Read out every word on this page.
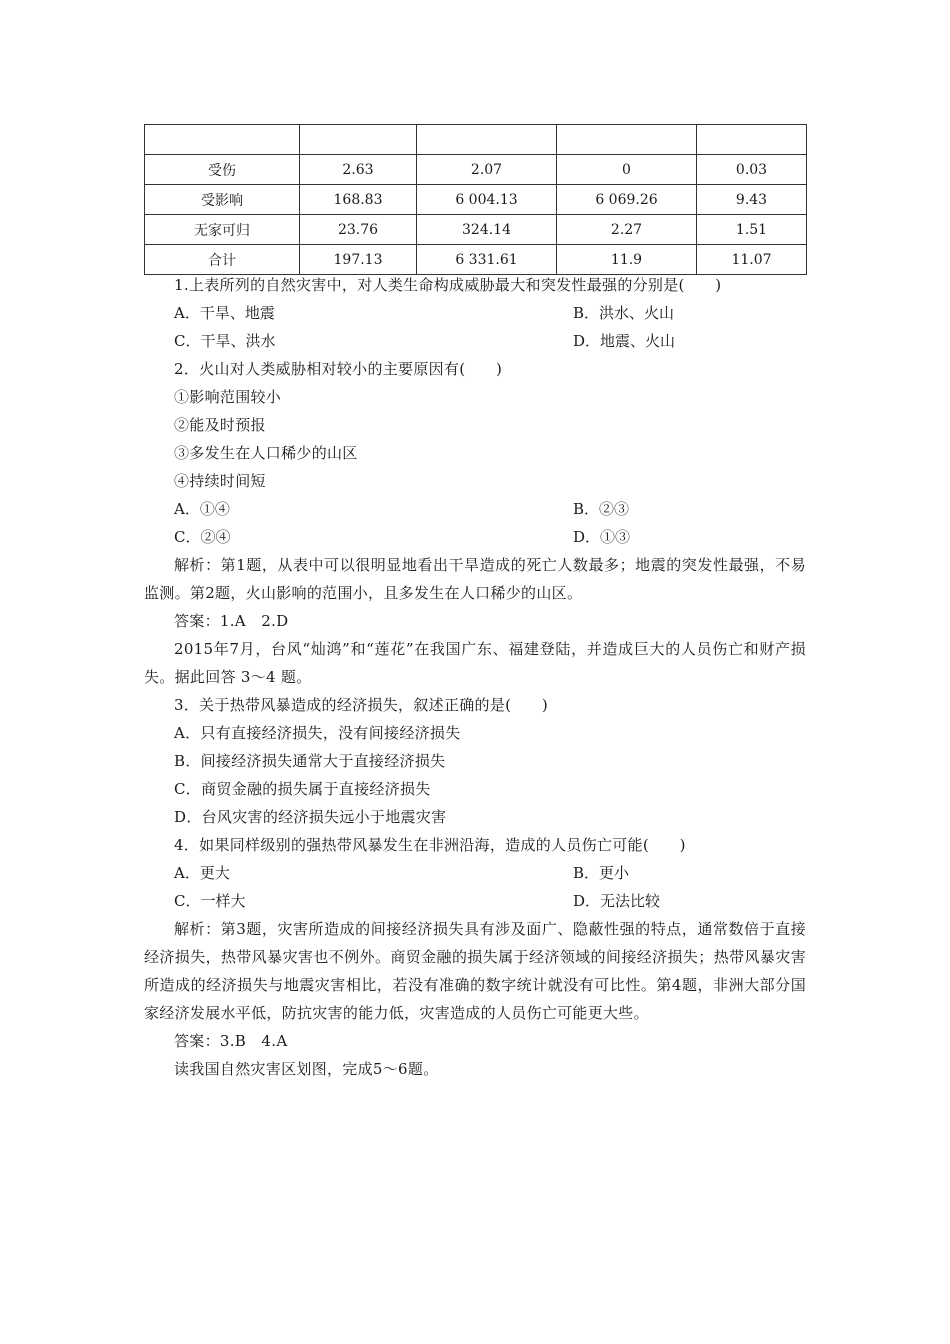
受伤	2.63	2.07	0	0.03
受影响	168.83	6 004.13	6 069.26	9.43
无家可归	23.76	324.14	2.27	1.51
合计	197.13	6 331.61	11.9	11.07
1.上表所列的自然灾害中，对人类生命构成威胁最大和突发性最强的分别是(　　)
A．干旱、地震	B．洪水、火山
C．干旱、洪水	D．地震、火山
2．火山对人类威胁相对较小的主要原因有(　　)
①影响范围较小
②能及时预报
③多发生在人口稀少的山区
④持续时间短
A．①④	B．②③
C．②④	D．①③
解析：第1题，从表中可以很明显地看出干旱造成的死亡人数最多；地震的突发性最强，不易监测。第2题，火山影响的范围小，且多发生在人口稀少的山区。
答案：1.A　2.D
2015年7月，台风“灿鸿”和“莲花”在我国广东、福建登陆，并造成巨大的人员伤亡和财产损失。据此回答 3～4 题。
3．关于热带风暴造成的经济损失，叙述正确的是(　　)
A．只有直接经济损失，没有间接经济损失
B．间接经济损失通常大于直接经济损失
C．商贸金融的损失属于直接经济损失
D．台风灾害的经济损失远小于地震灾害
4．如果同样级别的强热带风暴发生在非洲沿海，造成的人员伤亡可能(　　)
A．更大	B．更小
C．一样大	D．无法比较
解析：第3题，灾害所造成的间接经济损失具有涉及面广、隐蔽性强的特点，通常数倍于直接经济损失，热带风暴灾害也不例外。商贸金融的损失属于经济领域的间接经济损失；热带风暴灾害所造成的经济损失与地震灾害相比，若没有准确的数字统计就没有可比性。第4题，非洲大部分国家经济发展水平低，防抗灾害的能力低，灾害造成的人员伤亡可能更大些。
答案：3.B　4.A
读我国自然灾害区划图，完成5～6题。
